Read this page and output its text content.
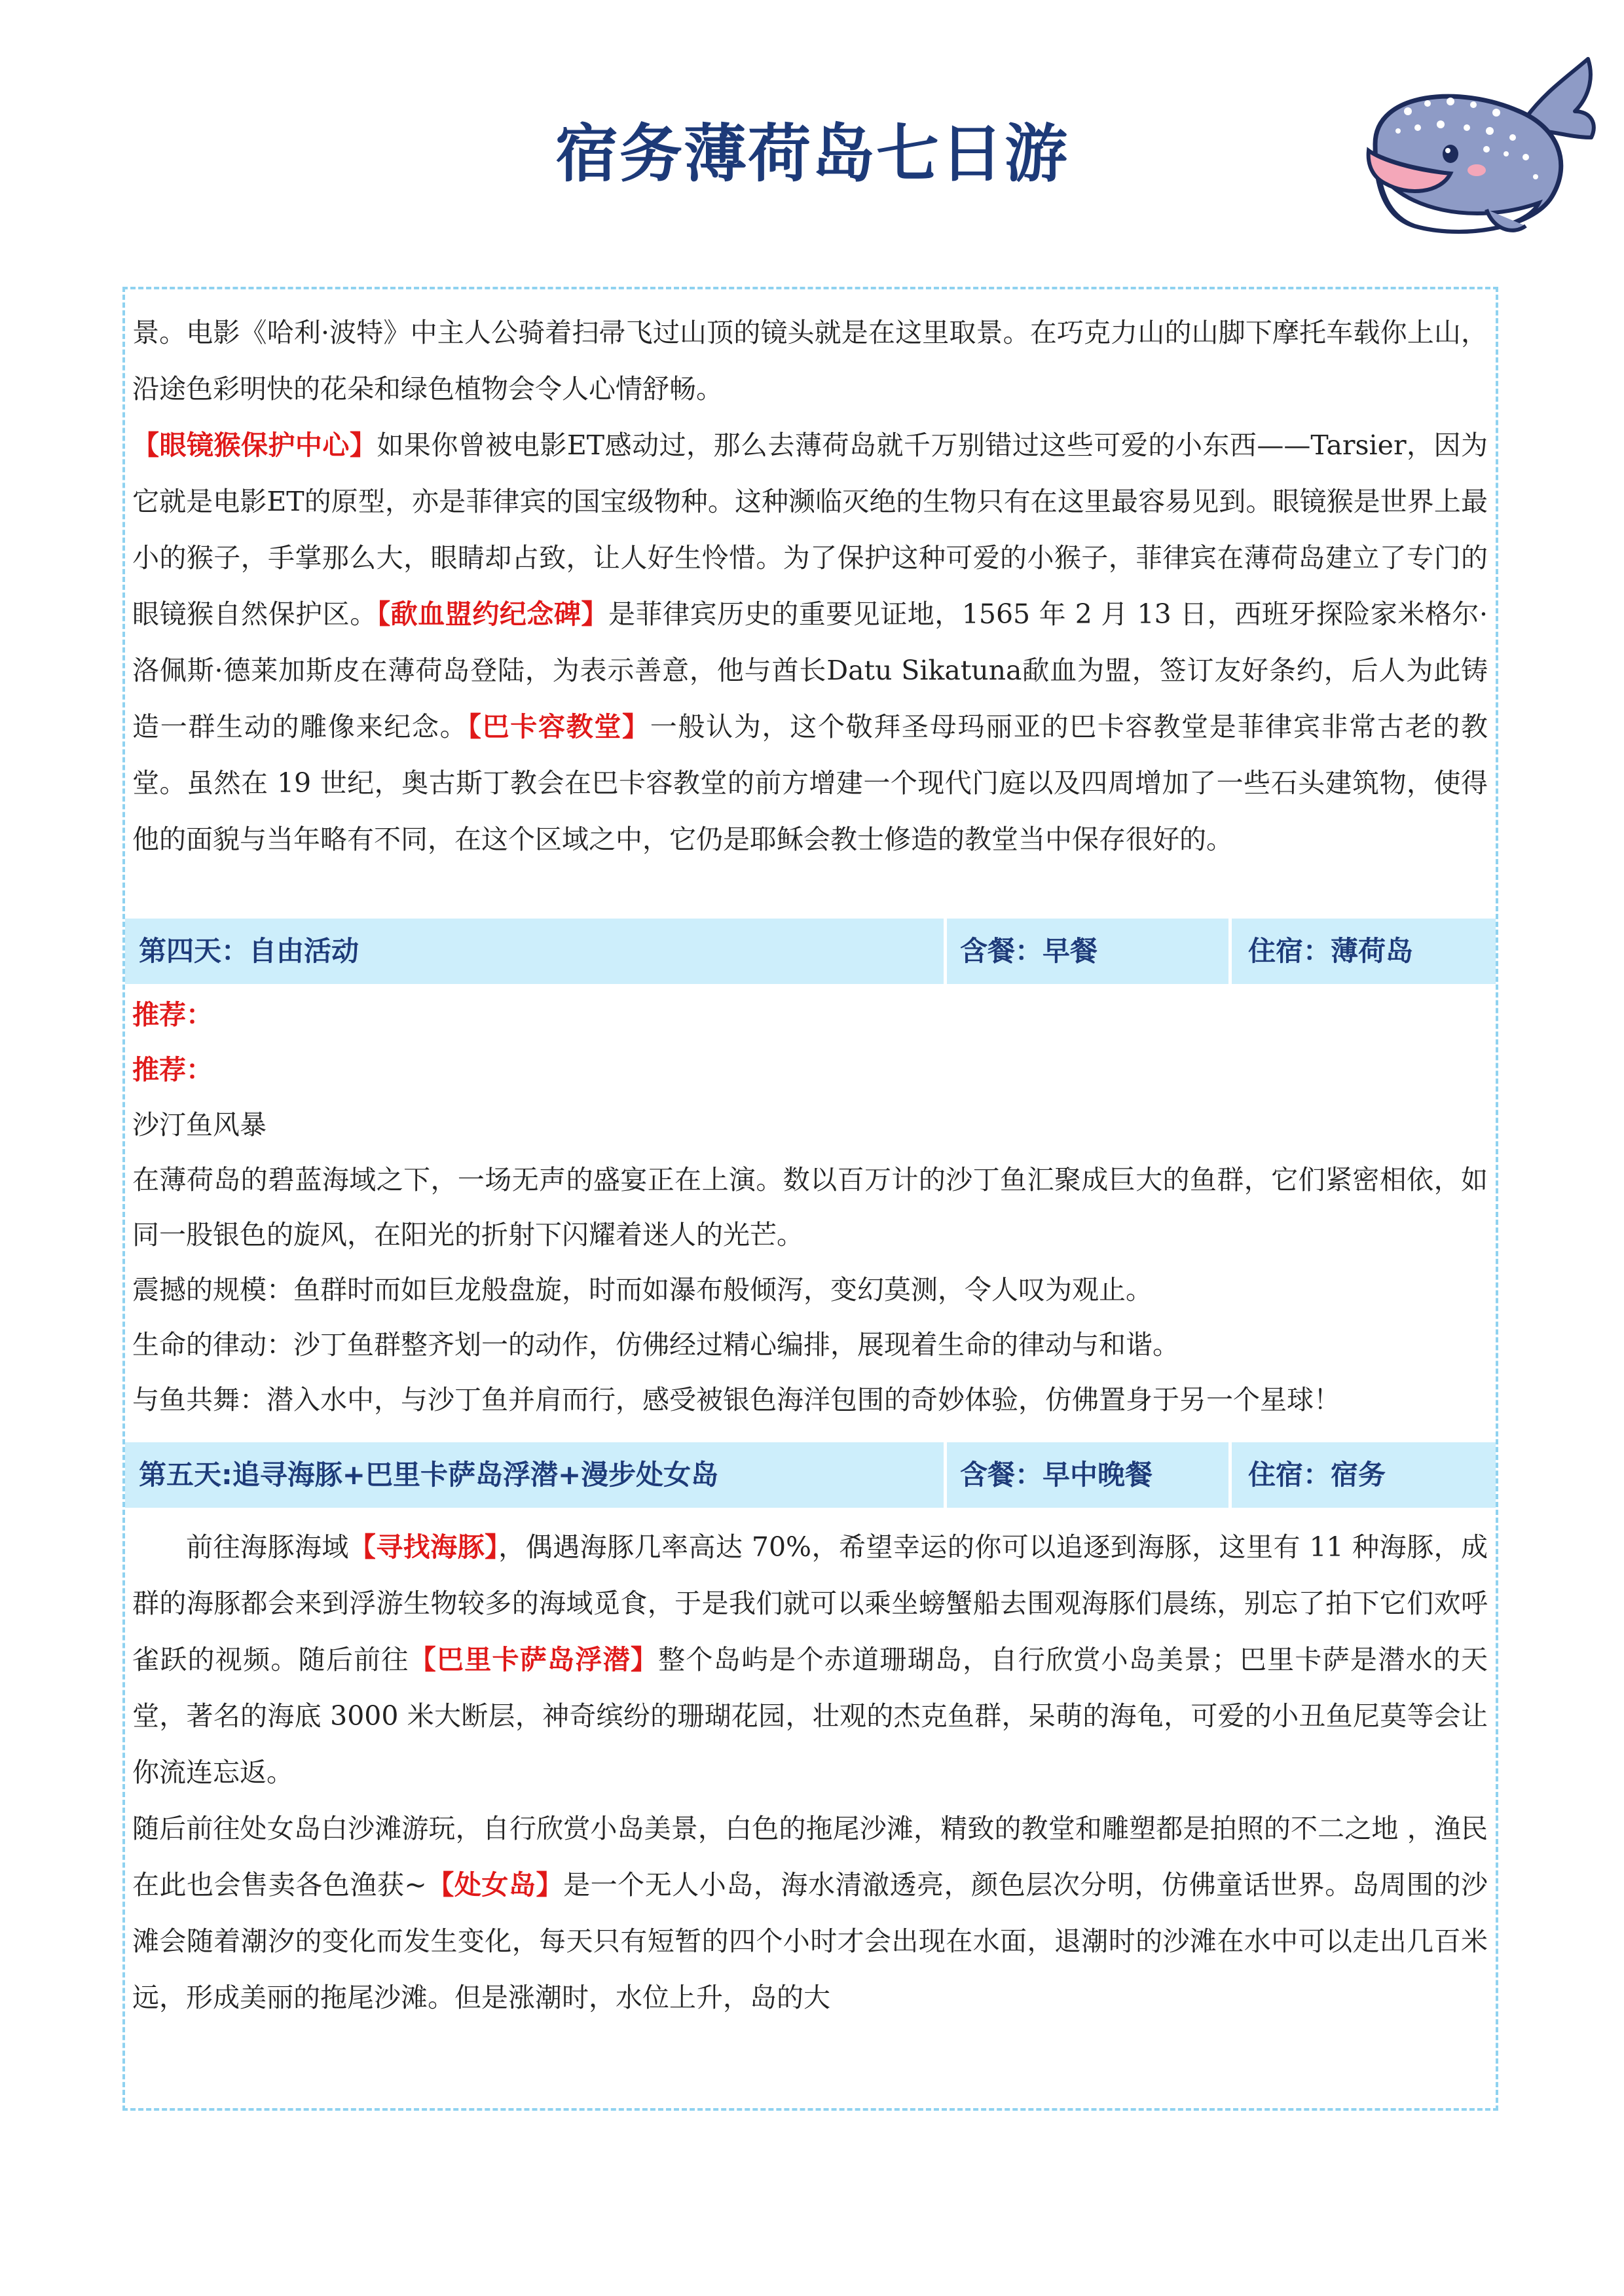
宿务薄荷岛七日游

景。电影《哈利·波特》中主人公骑着扫帚飞过山顶的镜头就是在这里取景。在巧克力山的山脚下摩托车载你上山，沿途色彩明快的花朵和绿色植物会令人心情舒畅。

【眼镜猴保护中心】如果你曾被电影ET感动过，那么去薄荷岛就千万别错过这些可爱的小东西——Tarsier，因为它就是电影ET的原型，亦是菲律宾的国宝级物种。这种濒临灭绝的生物只有在这里最容易见到。眼镜猴是世界上最小的猴子，手掌那么大，眼睛却占致，让人好生怜惜。为了保护这种可爱的小猴子，菲律宾在薄荷岛建立了专门的眼镜猴自然保护区。【歃血盟约纪念碑】是菲律宾历史的重要见证地，1565 年 2 月 13 日，西班牙探险家米格尔·洛佩斯·德莱加斯皮在薄荷岛登陆，为表示善意，他与酋长Datu Sikatuna歃血为盟，签订友好条约，后人为此铸造一群生动的雕像来纪念。【巴卡容教堂】一般认为，这个敬拜圣母玛丽亚的巴卡容教堂是菲律宾非常古老的教堂。虽然在 19 世纪，奥古斯丁教会在巴卡容教堂的前方增建一个现代门庭以及四周增加了一些石头建筑物，使得他的面貌与当年略有不同，在这个区域之中，它仍是耶稣会教士修造的教堂当中保存很好的。

第四天：自由活动	含餐：早餐	住宿：薄荷岛

推荐：

推荐：

沙汀鱼风暴

在薄荷岛的碧蓝海域之下，一场无声的盛宴正在上演。数以百万计的沙丁鱼汇聚成巨大的鱼群，它们紧密相依，如同一股银色的旋风，在阳光的折射下闪耀着迷人的光芒。

震撼的规模：鱼群时而如巨龙般盘旋，时而如瀑布般倾泻，变幻莫测，令人叹为观止。

生命的律动：沙丁鱼群整齐划一的动作，仿佛经过精心编排，展现着生命的律动与和谐。

与鱼共舞：潜入水中，与沙丁鱼并肩而行，感受被银色海洋包围的奇妙体验，仿佛置身于另一个星球！

第五天:追寻海豚+巴里卡萨岛浮潜+漫步处女岛	含餐：早中晚餐	住宿：宿务

前往海豚海域【寻找海豚】，偶遇海豚几率高达 70%，希望幸运的你可以追逐到海豚，这里有 11 种海豚，成群的海豚都会来到浮游生物较多的海域觅食，于是我们就可以乘坐螃蟹船去围观海豚们晨练，别忘了拍下它们欢呼雀跃的视频。随后前往【巴里卡萨岛浮潜】整个岛屿是个赤道珊瑚岛，自行欣赏小岛美景；巴里卡萨是潜水的天堂，著名的海底 3000 米大断层，神奇缤纷的珊瑚花园，壮观的杰克鱼群，呆萌的海龟，可爱的小丑鱼尼莫等会让你流连忘返。

随后前往处女岛白沙滩游玩，自行欣赏小岛美景，白色的拖尾沙滩，精致的教堂和雕塑都是拍照的不二之地 ，渔民在此也会售卖各色渔获~【处女岛】是一个无人小岛，海水清澈透亮，颜色层次分明，仿佛童话世界。岛周围的沙滩会随着潮汐的变化而发生变化，每天只有短暂的四个小时才会出现在水面，退潮时的沙滩在水中可以走出几百米远，形成美丽的拖尾沙滩。但是涨潮时，水位上升，岛的大
